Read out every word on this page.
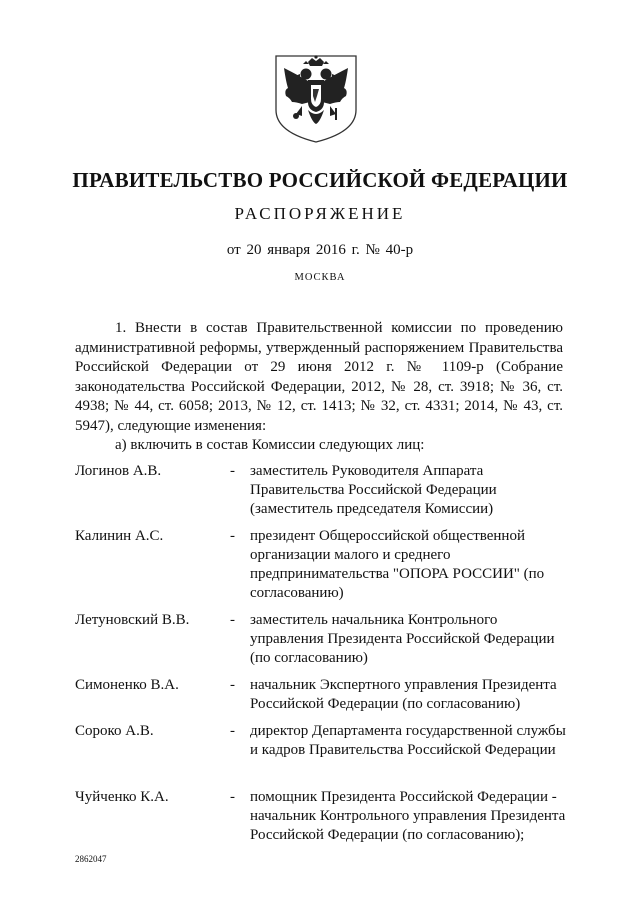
ПРАВИТЕЛЬСТВО РОССИЙСКОЙ ФЕДЕРАЦИИ
РАСПОРЯЖЕНИЕ
от 20 января 2016 г. № 40-р
МОСКВА
1. Внести в состав Правительственной комиссии по проведению административной реформы, утвержденный распоряжением Правительства Российской Федерации от 29 июня 2012 г. № 1109-р (Собрание законодательства Российской Федерации, 2012, № 28, ст. 3918; № 36, ст. 4938; № 44, ст. 6058; 2013, № 12, ст. 1413; № 32, ст. 4331; 2014, № 43, ст. 5947), следующие изменения:
а) включить в состав Комиссии следующих лиц:
Логинов А.В.	- заместитель Руководителя Аппарата Правительства Российской Федерации (заместитель председателя Комиссии)
Калинин А.С.	- президент Общероссийской общественной организации малого и среднего предпринимательства "ОПОРА РОССИИ" (по согласованию)
Летуновский В.В.	- заместитель начальника Контрольного управления Президента Российской Федерации (по согласованию)
Симоненко В.А.	- начальник Экспертного управления Президента Российской Федерации (по согласованию)
Сороко А.В.	- директор Департамента государственной службы и кадров Правительства Российской Федерации
Чуйченко К.А.	- помощник Президента Российской Федерации - начальник Контрольного управления Президента Российской Федерации (по согласованию);
2862047
